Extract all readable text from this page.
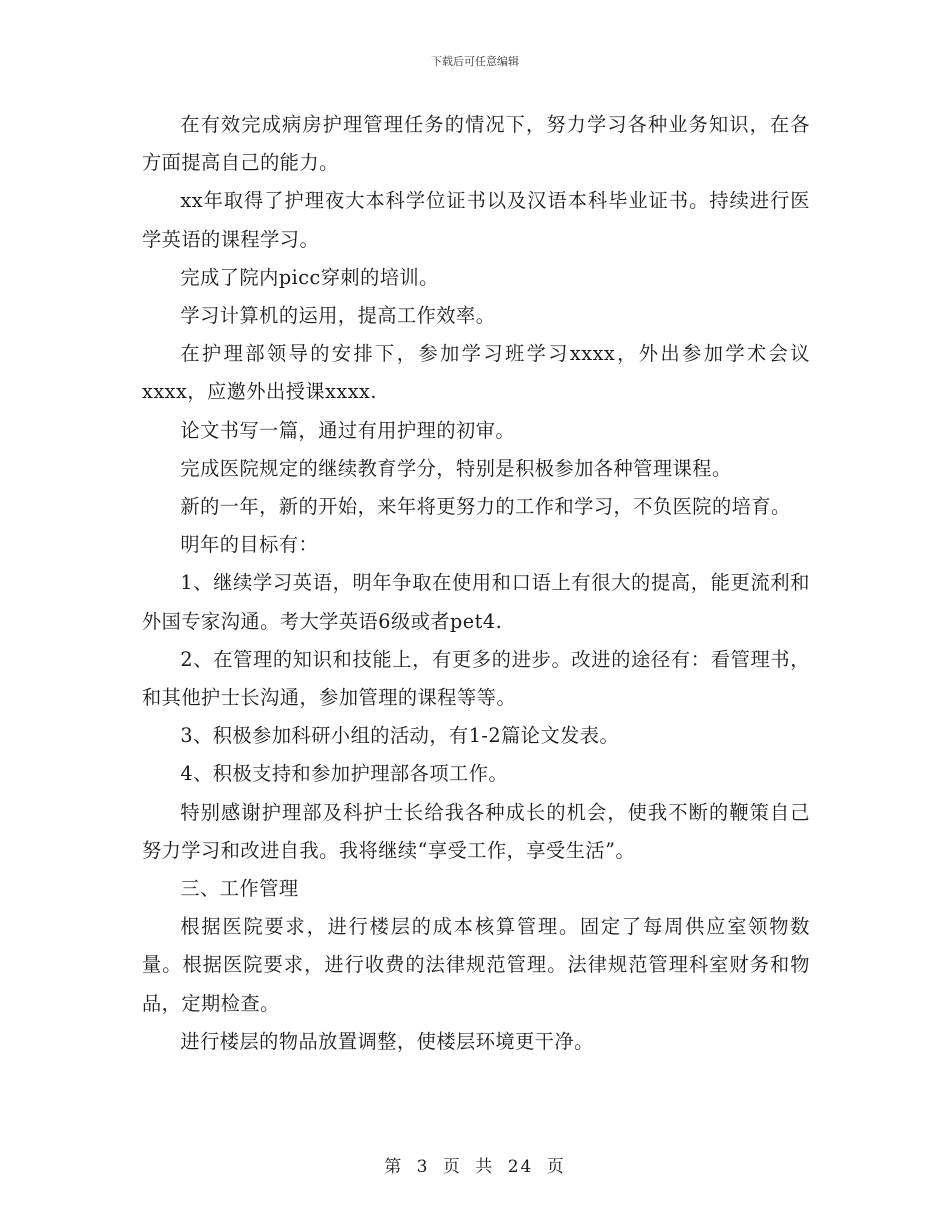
下载后可任意编辑

在有效完成病房护理管理任务的情况下，努力学习各种业务知识，在各方面提高自己的能力。

xx年取得了护理夜大本科学位证书以及汉语本科毕业证书。持续进行医学英语的课程学习。

完成了院内picc穿刺的培训。

学习计算机的运用，提高工作效率。

在护理部领导的安排下，参加学习班学习xxxx，外出参加学术会议xxxx，应邀外出授课xxxx.

论文书写一篇，通过有用护理的初审。

完成医院规定的继续教育学分，特别是积极参加各种管理课程。

新的一年，新的开始，来年将更努力的工作和学习，不负医院的培育。

明年的目标有：

1、继续学习英语，明年争取在使用和口语上有很大的提高，能更流利和外国专家沟通。考大学英语6级或者pet4.

2、在管理的知识和技能上，有更多的进步。改进的途径有：看管理书，和其他护士长沟通，参加管理的课程等等。

3、积极参加科研小组的活动，有1-2篇论文发表。

4、积极支持和参加护理部各项工作。

特别感谢护理部及科护士长给我各种成长的机会，使我不断的鞭策自己努力学习和改进自我。我将继续“享受工作，享受生活”。

三、工作管理

根据医院要求，进行楼层的成本核算管理。固定了每周供应室领物数量。根据医院要求，进行收费的法律规范管理。法律规范管理科室财务和物品，定期检查。

进行楼层的物品放置调整，使楼层环境更干净。

第 3 页 共 24 页
